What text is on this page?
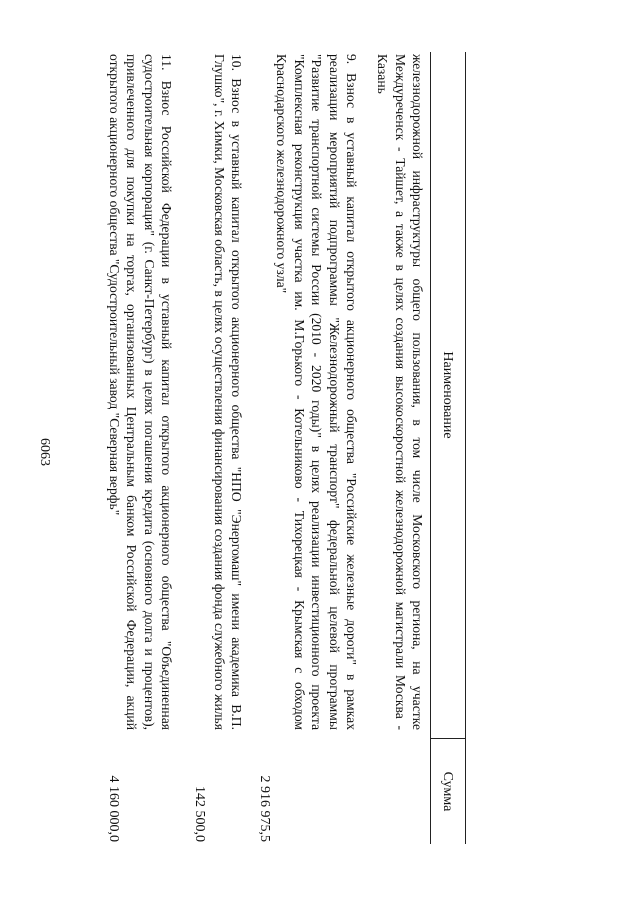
6063
Наименование
Сумма
железнодорожной инфраструктуры общего пользования, в том числе Московского региона, на участке Междуреченск - Тайшет, а также в целях создания высокоскоростной железнодорожной магистрали Москва - Казань
9. Взнос в уставный капитал открытого акционерного общества "Российские железные дороги" в рамках реализации мероприятий подпрограммы "Железнодорожный транспорт" федеральной целевой программы "Развитие транспортной системы России (2010 - 2020 годы)" в целях реализации инвестиционного проекта "Комплексная реконструкция участка им. М.Горького - Котельниково - Тихорецкая - Крымская с обходом Краснодарского железнодорожного узла"
2 916 975,5
10. Взнос в уставный капитал открытого акционерного общества "НПО "Энергомаш" имени академика В.П. Глушко", г. Химки, Московская область, в целях осуществления финансирования создания фонда служебного жилья
142 500,0
11. Взнос Российской Федерации в уставный капитал открытого акционерного общества "Объединенная судостроительная корпорация" (г. Санкт-Петербург) в целях погашения кредита (основного долга и процентов), привлеченного для покупки на торгах, организованных Центральным банком Российской Федерации, акций открытого акционерного общества "Судостроительный завод "Северная верфь"
4 160 000,0
